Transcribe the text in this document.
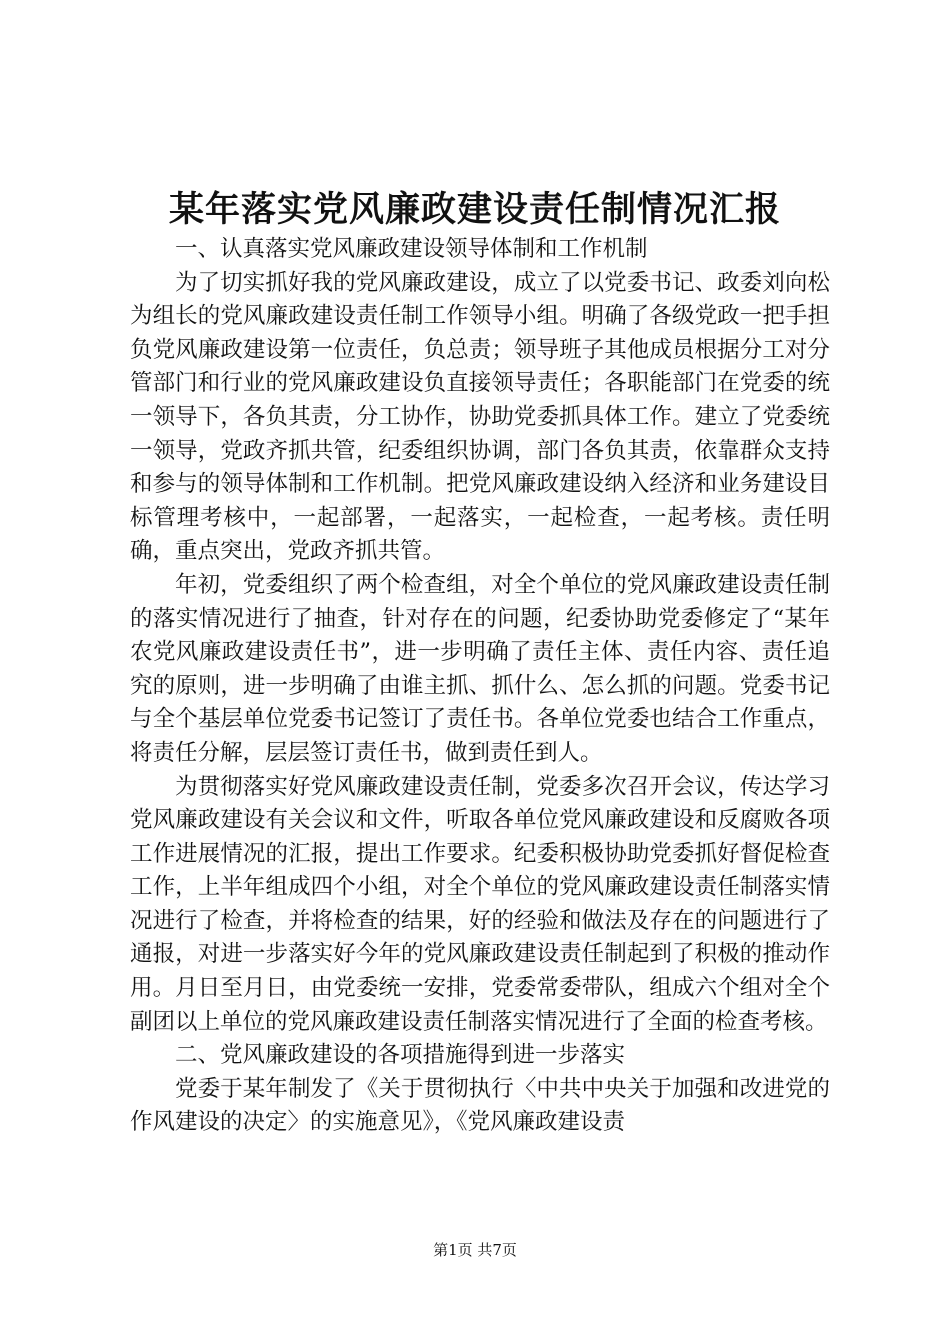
某年落实党风廉政建设责任制情况汇报

一、认真落实党风廉政建设领导体制和工作机制

为了切实抓好我的党风廉政建设，成立了以党委书记、政委刘向松为组长的党风廉政建设责任制工作领导小组。明确了各级党政一把手担负党风廉政建设第一位责任，负总责；领导班子其他成员根据分工对分管部门和行业的党风廉政建设负直接领导责任；各职能部门在党委的统一领导下，各负其责，分工协作，协助党委抓具体工作。建立了党委统一领导，党政齐抓共管，纪委组织协调，部门各负其责，依靠群众支持和参与的领导体制和工作机制。把党风廉政建设纳入经济和业务建设目标管理考核中，一起部署，一起落实，一起检查，一起考核。责任明确，重点突出，党政齐抓共管。

年初，党委组织了两个检查组，对全个单位的党风廉政建设责任制的落实情况进行了抽查，针对存在的问题，纪委协助党委修定了“某年农党风廉政建设责任书”，进一步明确了责任主体、责任内容、责任追究的原则，进一步明确了由谁主抓、抓什么、怎么抓的问题。党委书记与全个基层单位党委书记签订了责任书。各单位党委也结合工作重点，将责任分解，层层签订责任书，做到责任到人。

为贯彻落实好党风廉政建设责任制，党委多次召开会议，传达学习党风廉政建设有关会议和文件，听取各单位党风廉政建设和反腐败各项工作进展情况的汇报，提出工作要求。纪委积极协助党委抓好督促检查工作，上半年组成四个小组，对全个单位的党风廉政建设责任制落实情况进行了检查，并将检查的结果，好的经验和做法及存在的问题进行了通报，对进一步落实好今年的党风廉政建设责任制起到了积极的推动作用。月日至月日，由党委统一安排，党委常委带队，组成六个组对全个副团以上单位的党风廉政建设责任制落实情况进行了全面的检查考核。

二、党风廉政建设的各项措施得到进一步落实

党委于某年制发了《关于贯彻执行〈中共中央关于加强和改进党的作风建设的决定〉的实施意见》，《党风廉政建设责

第1页 共7页
